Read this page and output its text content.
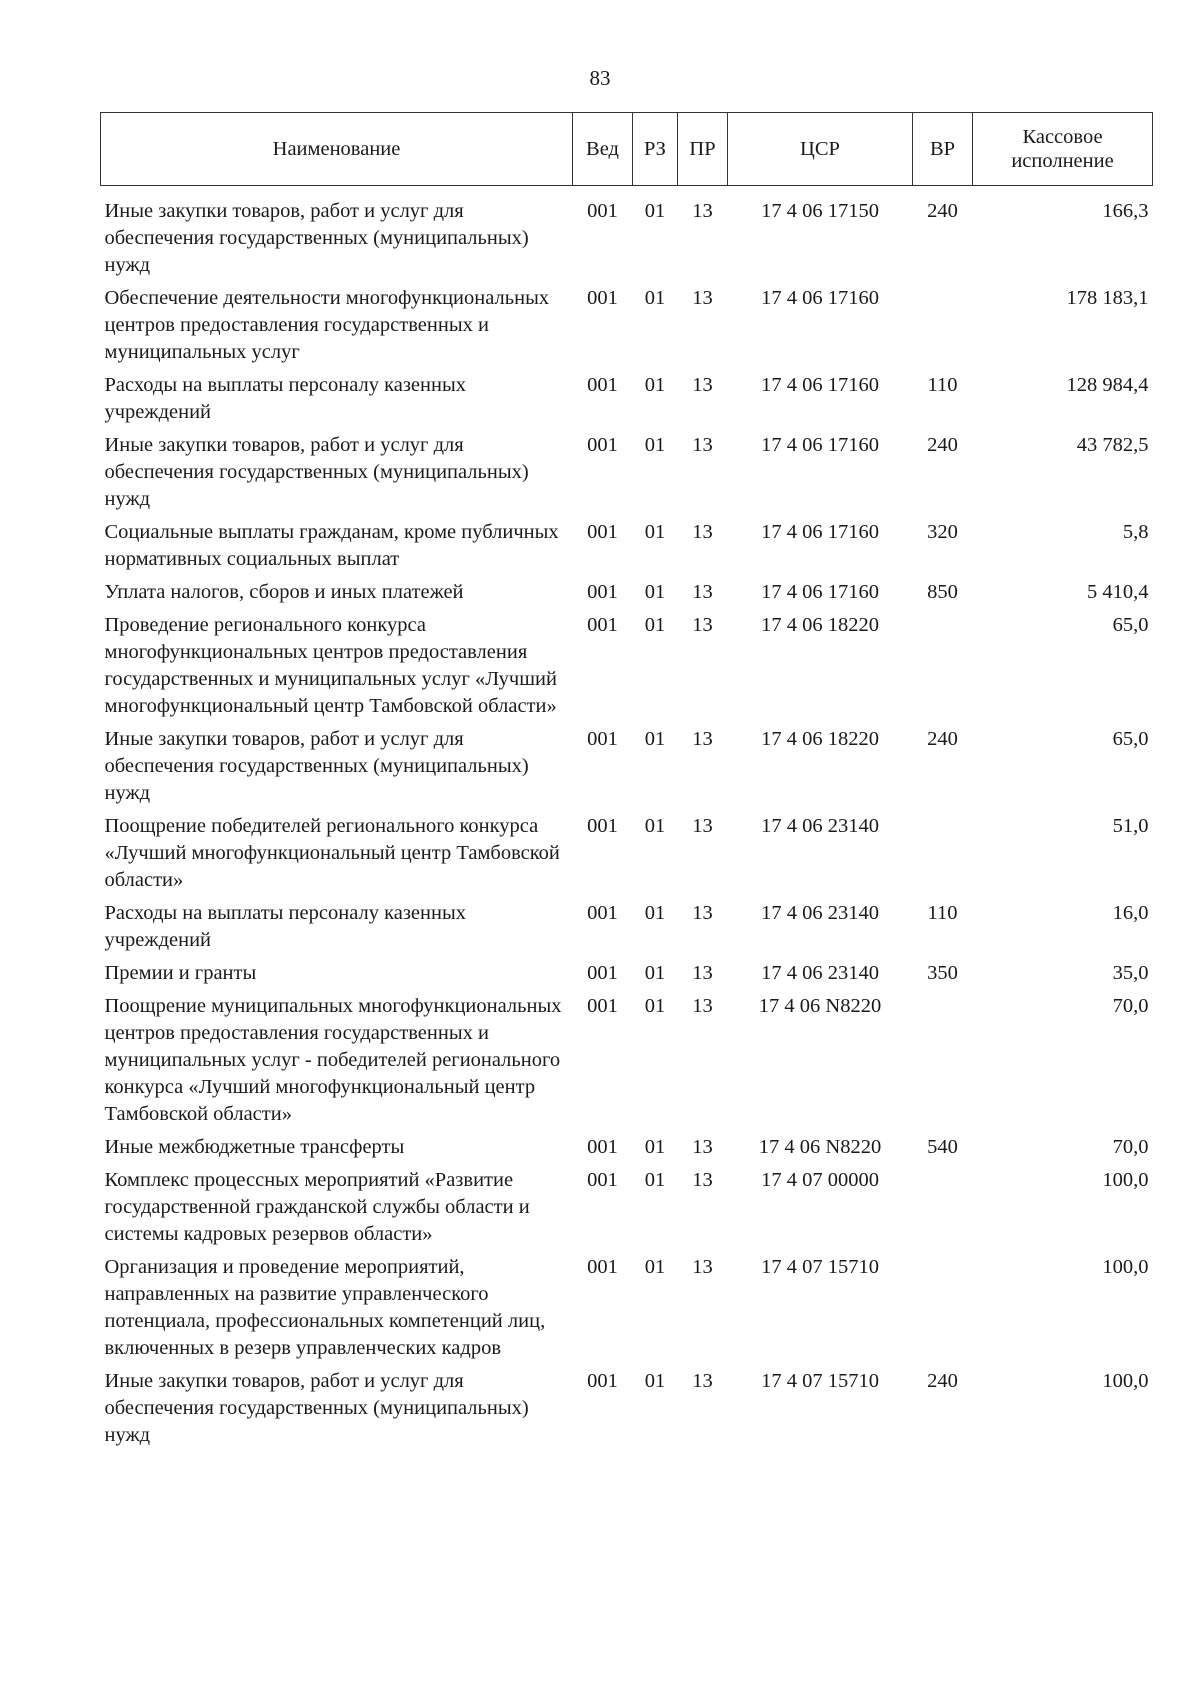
83
Наименование	Вед	РЗ	ПР	ЦСР	ВР	Кассовое исполнение
Иные закупки товаров, работ и услуг для обеспечения государственных (муниципальных) нужд	001	01	13	17 4 06 17150	240	166,3
Обеспечение деятельности многофункциональных центров предоставления государственных и муниципальных услуг	001	01	13	17 4 06 17160		178 183,1
Расходы на выплаты персоналу казенных учреждений	001	01	13	17 4 06 17160	110	128 984,4
Иные закупки товаров, работ и услуг для обеспечения государственных (муниципальных) нужд	001	01	13	17 4 06 17160	240	43 782,5
Социальные выплаты гражданам, кроме публичных нормативных социальных выплат	001	01	13	17 4 06 17160	320	5,8
Уплата налогов, сборов и иных платежей	001	01	13	17 4 06 17160	850	5 410,4
Проведение регионального конкурса многофункциональных центров предоставления государственных и муниципальных услуг «Лучший многофункциональный центр Тамбовской области»	001	01	13	17 4 06 18220		65,0
Иные закупки товаров, работ и услуг для обеспечения государственных (муниципальных) нужд	001	01	13	17 4 06 18220	240	65,0
Поощрение победителей регионального конкурса «Лучший многофункциональный центр Тамбовской области»	001	01	13	17 4 06 23140		51,0
Расходы на выплаты персоналу казенных учреждений	001	01	13	17 4 06 23140	110	16,0
Премии и гранты	001	01	13	17 4 06 23140	350	35,0
Поощрение муниципальных многофункциональных центров предоставления государственных и муниципальных услуг - победителей регионального конкурса «Лучший многофункциональный центр Тамбовской области»	001	01	13	17 4 06 N8220		70,0
Иные межбюджетные трансферты	001	01	13	17 4 06 N8220	540	70,0
Комплекс процессных мероприятий «Развитие государственной гражданской службы области и системы кадровых резервов области»	001	01	13	17 4 07 00000		100,0
Организация и проведение мероприятий, направленных на развитие управленческого потенциала, профессиональных компетенций лиц, включенных в резерв управленческих кадров	001	01	13	17 4 07 15710		100,0
Иные закупки товаров, работ и услуг для обеспечения государственных (муниципальных) нужд	001	01	13	17 4 07 15710	240	100,0
